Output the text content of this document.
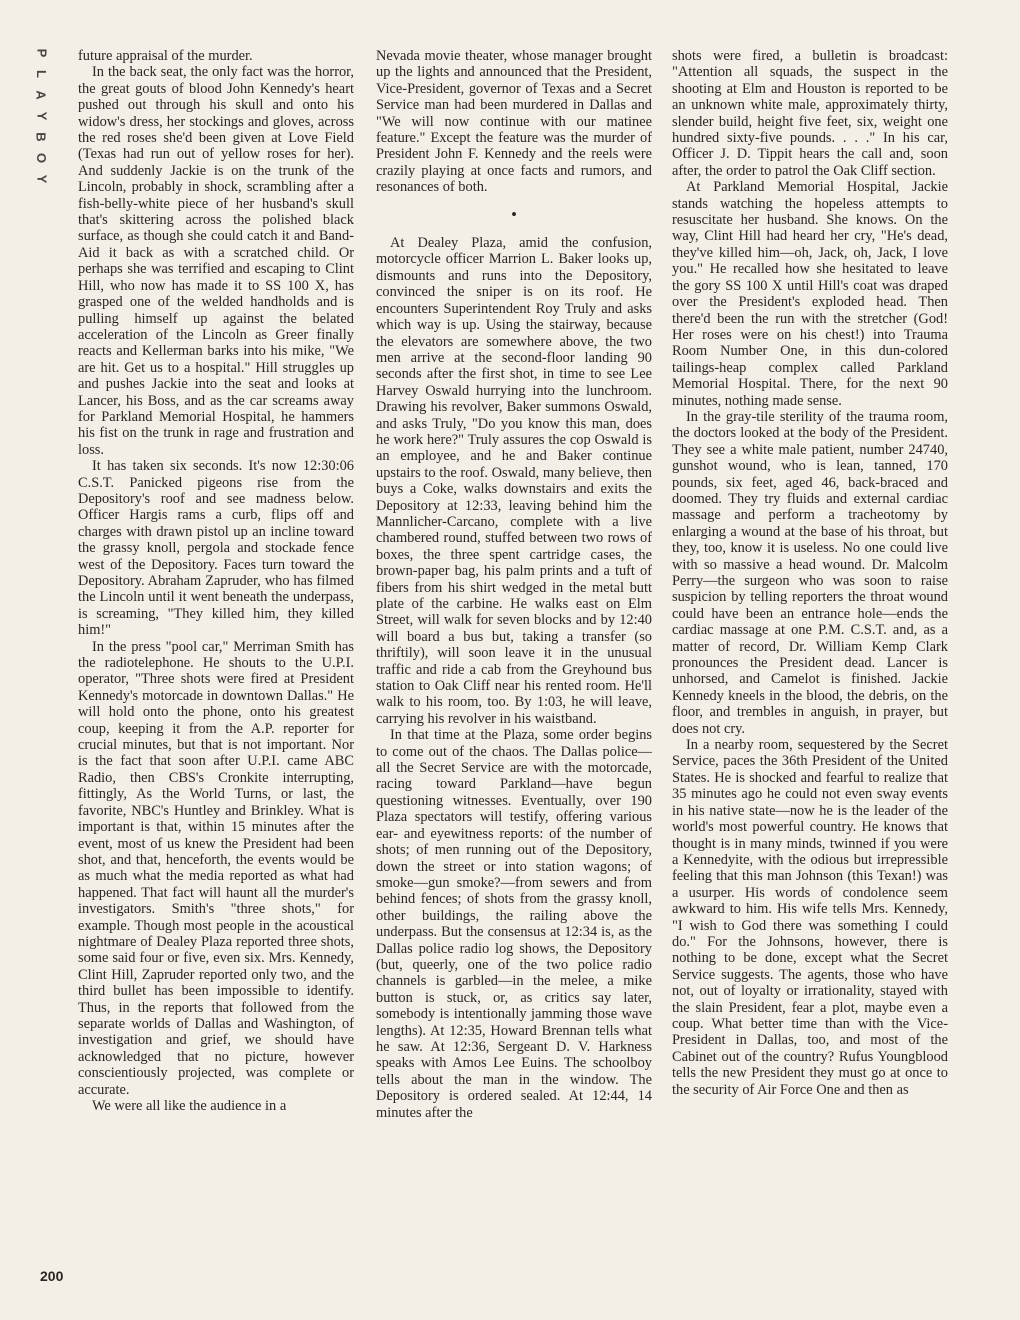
P
L
A
Y
B
O
Y

future appraisal of the murder.

In the back seat, the only fact was the horror, the great gouts of blood John Kennedy's heart pushed out through his skull and onto his widow's dress, her stockings and gloves, across the red roses she'd been given at Love Field (Texas had run out of yellow roses for her). And suddenly Jackie is on the trunk of the Lincoln, probably in shock, scrambling after a fish-belly-white piece of her husband's skull that's skittering across the polished black surface, as though she could catch it and Band-Aid it back as with a scratched child. Or perhaps she was terrified and escaping to Clint Hill, who now has made it to SS 100 X, has grasped one of the welded handholds and is pulling himself up against the belated acceleration of the Lincoln as Greer finally reacts and Kellerman barks into his mike, "We are hit. Get us to a hospital." Hill struggles up and pushes Jackie into the seat and looks at Lancer, his Boss, and as the car screams away for Parkland Memorial Hospital, he hammers his fist on the trunk in rage and frustration and loss.

It has taken six seconds. It's now 12:30:06 C.S.T. Panicked pigeons rise from the Depository's roof and see madness below. Officer Hargis rams a curb, flips off and charges with drawn pistol up an incline toward the grassy knoll, pergola and stockade fence west of the Depository. Faces turn toward the Depository. Abraham Zapruder, who has filmed the Lincoln until it went beneath the underpass, is screaming, "They killed him, they killed him!"

In the press "pool car," Merriman Smith has the radiotelephone. He shouts to the U.P.I. operator, "Three shots were fired at President Kennedy's motorcade in downtown Dallas." He will hold onto the phone, onto his greatest coup, keeping it from the A.P. reporter for crucial minutes, but that is not important. Nor is the fact that soon after U.P.I. came ABC Radio, then CBS's Cronkite interrupting, fittingly, As the World Turns, or last, the favorite, NBC's Huntley and Brinkley. What is important is that, within 15 minutes after the event, most of us knew the President had been shot, and that, henceforth, the events would be as much what the media reported as what had happened. That fact will haunt all the murder's investigators. Smith's "three shots," for example. Though most people in the acoustical nightmare of Dealey Plaza reported three shots, some said four or five, even six. Mrs. Kennedy, Clint Hill, Zapruder reported only two, and the third bullet has been impossible to identify. Thus, in the reports that followed from the separate worlds of Dallas and Washington, of investigation and grief, we should have acknowledged that no picture, however conscientiously projected, was complete or accurate.

We were all like the audience in a

Nevada movie theater, whose manager brought up the lights and announced that the President, Vice-President, governor of Texas and a Secret Service man had been murdered in Dallas and "We will now continue with our matinee feature." Except the feature was the murder of President John F. Kennedy and the reels were crazily playing at once facts and rumors, and resonances of both.

•

At Dealey Plaza, amid the confusion, motorcycle officer Marrion L. Baker looks up, dismounts and runs into the Depository, convinced the sniper is on its roof. He encounters Superintendent Roy Truly and asks which way is up. Using the stairway, because the elevators are somewhere above, the two men arrive at the second-floor landing 90 seconds after the first shot, in time to see Lee Harvey Oswald hurrying into the lunchroom. Drawing his revolver, Baker summons Oswald, and asks Truly, "Do you know this man, does he work here?" Truly assures the cop Oswald is an employee, and he and Baker continue upstairs to the roof. Oswald, many believe, then buys a Coke, walks downstairs and exits the Depository at 12:33, leaving behind him the Mannlicher-Carcano, complete with a live chambered round, stuffed between two rows of boxes, the three spent cartridge cases, the brown-paper bag, his palm prints and a tuft of fibers from his shirt wedged in the metal butt plate of the carbine. He walks east on Elm Street, will walk for seven blocks and by 12:40 will board a bus but, taking a transfer (so thriftily), will soon leave it in the unusual traffic and ride a cab from the Greyhound bus station to Oak Cliff near his rented room. He'll walk to his room, too. By 1:03, he will leave, carrying his revolver in his waistband.

In that time at the Plaza, some order begins to come out of the chaos. The Dallas police—all the Secret Service are with the motorcade, racing toward Parkland—have begun questioning witnesses. Eventually, over 190 Plaza spectators will testify, offering various ear- and eyewitness reports: of the number of shots; of men running out of the Depository, down the street or into station wagons; of smoke—gun smoke?—from sewers and from behind fences; of shots from the grassy knoll, other buildings, the railing above the underpass. But the consensus at 12:34 is, as the Dallas police radio log shows, the Depository (but, queerly, one of the two police radio channels is garbled—in the melee, a mike button is stuck, or, as critics say later, somebody is intentionally jamming those wave lengths). At 12:35, Howard Brennan tells what he saw. At 12:36, Sergeant D. V. Harkness speaks with Amos Lee Euins. The schoolboy tells about the man in the window. The Depository is ordered sealed. At 12:44, 14 minutes after the

shots were fired, a bulletin is broadcast: "Attention all squads, the suspect in the shooting at Elm and Houston is reported to be an unknown white male, approximately thirty, slender build, height five feet, six, weight one hundred sixty-five pounds. . . ." In his car, Officer J. D. Tippit hears the call and, soon after, the order to patrol the Oak Cliff section.

At Parkland Memorial Hospital, Jackie stands watching the hopeless attempts to resuscitate her husband. She knows. On the way, Clint Hill had heard her cry, "He's dead, they've killed him—oh, Jack, oh, Jack, I love you." He recalled how she hesitated to leave the gory SS 100 X until Hill's coat was draped over the President's exploded head. Then there'd been the run with the stretcher (God! Her roses were on his chest!) into Trauma Room Number One, in this dun-colored tailings-heap complex called Parkland Memorial Hospital. There, for the next 90 minutes, nothing made sense.

In the gray-tile sterility of the trauma room, the doctors looked at the body of the President. They see a white male patient, number 24740, gunshot wound, who is lean, tanned, 170 pounds, six feet, aged 46, back-braced and doomed. They try fluids and external cardiac massage and perform a tracheotomy by enlarging a wound at the base of his throat, but they, too, know it is useless. No one could live with so massive a head wound. Dr. Malcolm Perry—the surgeon who was soon to raise suspicion by telling reporters the throat wound could have been an entrance hole—ends the cardiac massage at one P.M. C.S.T. and, as a matter of record, Dr. William Kemp Clark pronounces the President dead. Lancer is unhorsed, and Camelot is finished. Jackie Kennedy kneels in the blood, the debris, on the floor, and trembles in anguish, in prayer, but does not cry.

In a nearby room, sequestered by the Secret Service, paces the 36th President of the United States. He is shocked and fearful to realize that 35 minutes ago he could not even sway events in his native state—now he is the leader of the world's most powerful country. He knows that thought is in many minds, twinned if you were a Kennedyite, with the odious but irrepressible feeling that this man Johnson (this Texan!) was a usurper. His words of condolence seem awkward to him. His wife tells Mrs. Kennedy, "I wish to God there was something I could do." For the Johnsons, however, there is nothing to be done, except what the Secret Service suggests. The agents, those who have not, out of loyalty or irrationality, stayed with the slain President, fear a plot, maybe even a coup. What better time than with the Vice-President in Dallas, too, and most of the Cabinet out of the country? Rufus Youngblood tells the new President they must go at once to the security of Air Force One and then as

200
